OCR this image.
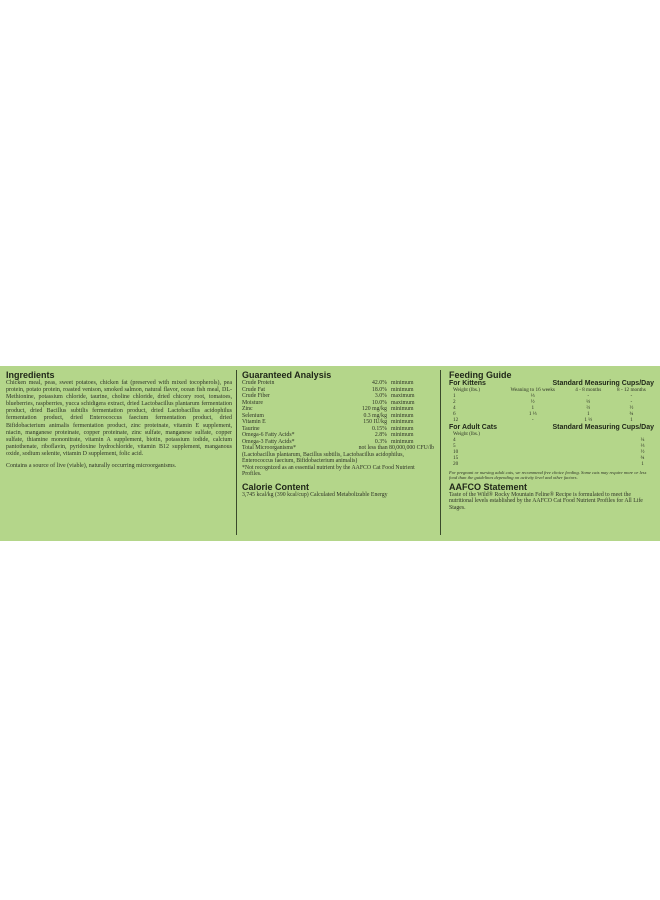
Ingredients

Chicken meal, peas, sweet potatoes, chicken fat (preserved with mixed tocopherols), pea protein, potato protein, roasted venison, smoked salmon, natural flavor, ocean fish meal, DL-Methionine, potassium chloride, taurine, choline chloride, dried chicory root, tomatoes, blueberries, raspberries, yucca schidigera extract, dried Lactobacillus plantarum fermentation product, dried Bacillus subtilis fermentation product, dried Lactobacillus acidophilus fermentation product, dried Enterococcus faecium fermentation product, dried Bifidobacterium animalis fermentation product, zinc proteinate, vitamin E supplement, niacin, manganese proteinate, copper proteinate, zinc sulfate, manganese sulfate, copper sulfate, thiamine mononitrate, vitamin A supplement, biotin, potassium iodide, calcium pantothenate, riboflavin, pyridoxine hydrochloride, vitamin B12 supplement, manganous oxide, sodium selenite, vitamin D supplement, folic acid.

Contains a source of live (viable), naturally occurring microorganisms.

Guaranteed Analysis
Crude Protein	42.0%	minimum
Crude Fat	18.0%	minimum
Crude Fiber	3.0%	maximum
Moisture	10.0%	maximum
Zinc	120 mg/kg	minimum
Selenium	0.3 mg/kg	minimum
Vitamin E	150 IU/kg	minimum
Taurine	0.15%	minimum
Omega-6 Fatty Acids*	2.8%	minimum
Omega-3 Fatty Acids*	0.3%	minimum
Total Microorganisms*	not less than 80,000,000 CFU/lb

(Lactobacillus plantarum, Bacillus subtilis, Lactobacillus acidophilus, Enterococcus faecium, Bifidobacterium animalis)

*Not recognized as an essential nutrient by the AAFCO Cat Food Nutrient Profiles.

Calorie Content

3,745 kcal/kg (390 kcal/cup) Calculated Metabolizable Energy

Feeding Guide
For Kittens	Standard Measuring Cups/Day
Weight (lbs.)	Weaning to 16 weeks	4 - 8 months	8 - 12 months
1	⅓	-	-
2	½	⅓	-
4	1	⅔	½
6	1 ⅓	1	¾
12	-	1 ⅓	1
For Adult Cats	Standard Measuring Cups/Day
Weight (lbs.)	
4	¼
5	⅓
10	½
15	¾
20	1

For pregnant or nursing adult cats, we recommend free choice feeding. Some cats may require more or less food than the guidelines depending on activity level and other factors.

AAFCO Statement

Taste of the Wild® Rocky Mountain Feline® Recipe is formulated to meet the nutritional levels established by the AAFCO Cat Food Nutrient Profiles for All Life Stages.
